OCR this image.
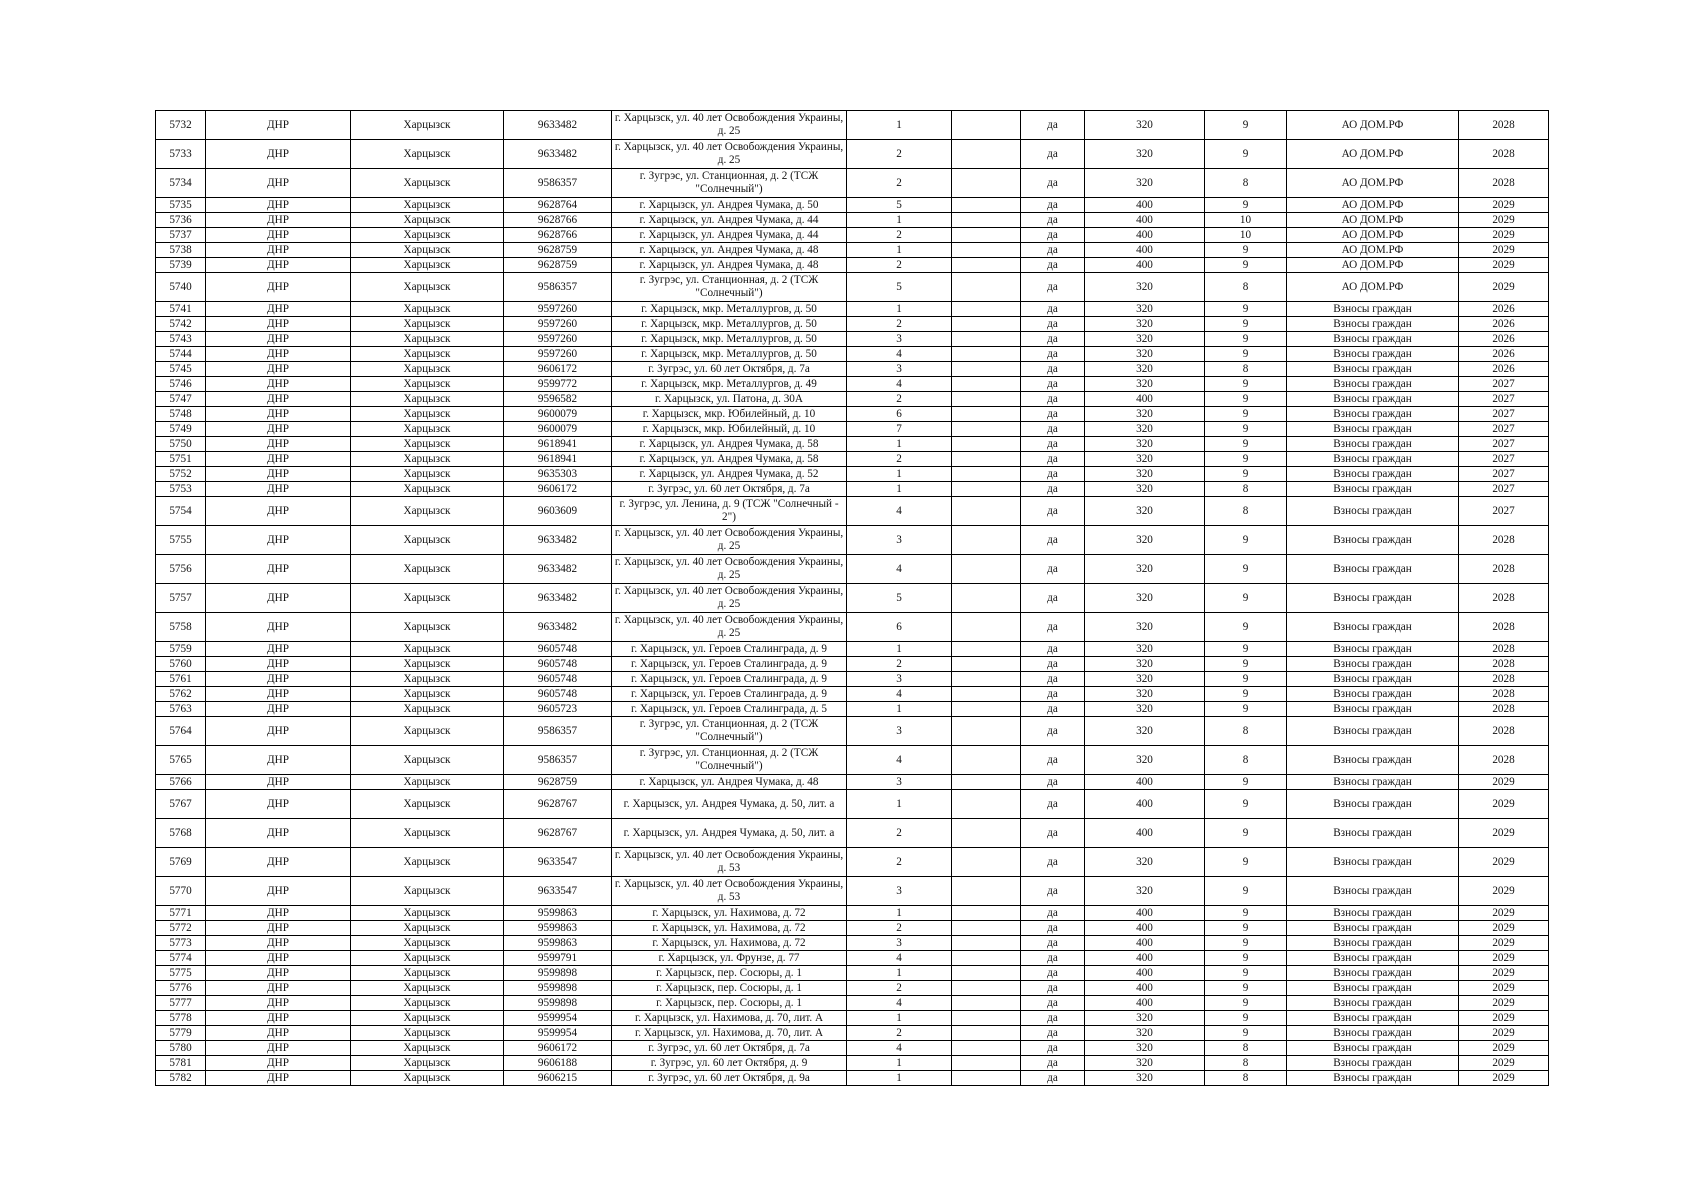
5732	ДНР	Харцызск	9633482	г. Харцызск, ул. 40 лет Освобождения Украины, д. 25	1		да	320	9	АО ДОМ.РФ	2028
5733	ДНР	Харцызск	9633482	г. Харцызск, ул. 40 лет Освобождения Украины, д. 25	2		да	320	9	АО ДОМ.РФ	2028
5734	ДНР	Харцызск	9586357	г. Зугрэс, ул. Станционная, д. 2 (ТСЖ "Солнечный")	2		да	320	8	АО ДОМ.РФ	2028
5735	ДНР	Харцызск	9628764	г. Харцызск, ул. Андрея Чумака, д. 50	5		да	400	9	АО ДОМ.РФ	2029
5736	ДНР	Харцызск	9628766	г. Харцызск, ул. Андрея Чумака, д. 44	1		да	400	10	АО ДОМ.РФ	2029
5737	ДНР	Харцызск	9628766	г. Харцызск, ул. Андрея Чумака, д. 44	2		да	400	10	АО ДОМ.РФ	2029
5738	ДНР	Харцызск	9628759	г. Харцызск, ул. Андрея Чумака, д. 48	1		да	400	9	АО ДОМ.РФ	2029
5739	ДНР	Харцызск	9628759	г. Харцызск, ул. Андрея Чумака, д. 48	2		да	400	9	АО ДОМ.РФ	2029
5740	ДНР	Харцызск	9586357	г. Зугрэс, ул. Станционная, д. 2 (ТСЖ "Солнечный")	5		да	320	8	АО ДОМ.РФ	2029
5741	ДНР	Харцызск	9597260	г. Харцызск, мкр. Металлургов, д. 50	1		да	320	9	Взносы граждан	2026
5742	ДНР	Харцызск	9597260	г. Харцызск, мкр. Металлургов, д. 50	2		да	320	9	Взносы граждан	2026
5743	ДНР	Харцызск	9597260	г. Харцызск, мкр. Металлургов, д. 50	3		да	320	9	Взносы граждан	2026
5744	ДНР	Харцызск	9597260	г. Харцызск, мкр. Металлургов, д. 50	4		да	320	9	Взносы граждан	2026
5745	ДНР	Харцызск	9606172	г. Зугрэс, ул. 60 лет Октября, д. 7а	3		да	320	8	Взносы граждан	2026
5746	ДНР	Харцызск	9599772	г. Харцызск, мкр. Металлургов, д. 49	4		да	320	9	Взносы граждан	2027
5747	ДНР	Харцызск	9596582	г. Харцызск, ул. Патона, д. 30А	2		да	400	9	Взносы граждан	2027
5748	ДНР	Харцызск	9600079	г. Харцызск, мкр. Юбилейный, д. 10	6		да	320	9	Взносы граждан	2027
5749	ДНР	Харцызск	9600079	г. Харцызск, мкр. Юбилейный, д. 10	7		да	320	9	Взносы граждан	2027
5750	ДНР	Харцызск	9618941	г. Харцызск, ул. Андрея Чумака, д. 58	1		да	320	9	Взносы граждан	2027
5751	ДНР	Харцызск	9618941	г. Харцызск, ул. Андрея Чумака, д. 58	2		да	320	9	Взносы граждан	2027
5752	ДНР	Харцызск	9635303	г. Харцызск, ул. Андрея Чумака, д. 52	1		да	320	9	Взносы граждан	2027
5753	ДНР	Харцызск	9606172	г. Зугрэс, ул. 60 лет Октября, д. 7а	1		да	320	8	Взносы граждан	2027
5754	ДНР	Харцызск	9603609	г. Зугрэс, ул. Ленина, д. 9 (ТСЖ "Солнечный - 2")	4		да	320	8	Взносы граждан	2027
5755	ДНР	Харцызск	9633482	г. Харцызск, ул. 40 лет Освобождения Украины, д. 25	3		да	320	9	Взносы граждан	2028
5756	ДНР	Харцызск	9633482	г. Харцызск, ул. 40 лет Освобождения Украины, д. 25	4		да	320	9	Взносы граждан	2028
5757	ДНР	Харцызск	9633482	г. Харцызск, ул. 40 лет Освобождения Украины, д. 25	5		да	320	9	Взносы граждан	2028
5758	ДНР	Харцызск	9633482	г. Харцызск, ул. 40 лет Освобождения Украины, д. 25	6		да	320	9	Взносы граждан	2028
5759	ДНР	Харцызск	9605748	г. Харцызск, ул. Героев Сталинграда, д. 9	1		да	320	9	Взносы граждан	2028
5760	ДНР	Харцызск	9605748	г. Харцызск, ул. Героев Сталинграда, д. 9	2		да	320	9	Взносы граждан	2028
5761	ДНР	Харцызск	9605748	г. Харцызск, ул. Героев Сталинграда, д. 9	3		да	320	9	Взносы граждан	2028
5762	ДНР	Харцызск	9605748	г. Харцызск, ул. Героев Сталинграда, д. 9	4		да	320	9	Взносы граждан	2028
5763	ДНР	Харцызск	9605723	г. Харцызск, ул. Героев Сталинграда, д. 5	1		да	320	9	Взносы граждан	2028
5764	ДНР	Харцызск	9586357	г. Зугрэс, ул. Станционная, д. 2 (ТСЖ "Солнечный")	3		да	320	8	Взносы граждан	2028
5765	ДНР	Харцызск	9586357	г. Зугрэс, ул. Станционная, д. 2 (ТСЖ "Солнечный")	4		да	320	8	Взносы граждан	2028
5766	ДНР	Харцызск	9628759	г. Харцызск, ул. Андрея Чумака, д. 48	3		да	400	9	Взносы граждан	2029
5767	ДНР	Харцызск	9628767	г. Харцызск, ул. Андрея Чумака, д. 50, лит. а	1		да	400	9	Взносы граждан	2029
5768	ДНР	Харцызск	9628767	г. Харцызск, ул. Андрея Чумака, д. 50, лит. а	2		да	400	9	Взносы граждан	2029
5769	ДНР	Харцызск	9633547	г. Харцызск, ул. 40 лет Освобождения Украины, д. 53	2		да	320	9	Взносы граждан	2029
5770	ДНР	Харцызск	9633547	г. Харцызск, ул. 40 лет Освобождения Украины, д. 53	3		да	320	9	Взносы граждан	2029
5771	ДНР	Харцызск	9599863	г. Харцызск, ул. Нахимова, д. 72	1		да	400	9	Взносы граждан	2029
5772	ДНР	Харцызск	9599863	г. Харцызск, ул. Нахимова, д. 72	2		да	400	9	Взносы граждан	2029
5773	ДНР	Харцызск	9599863	г. Харцызск, ул. Нахимова, д. 72	3		да	400	9	Взносы граждан	2029
5774	ДНР	Харцызск	9599791	г. Харцызск, ул. Фрунзе, д. 77	4		да	400	9	Взносы граждан	2029
5775	ДНР	Харцызск	9599898	г. Харцызск, пер. Сосюры, д. 1	1		да	400	9	Взносы граждан	2029
5776	ДНР	Харцызск	9599898	г. Харцызск, пер. Сосюры, д. 1	2		да	400	9	Взносы граждан	2029
5777	ДНР	Харцызск	9599898	г. Харцызск, пер. Сосюры, д. 1	4		да	400	9	Взносы граждан	2029
5778	ДНР	Харцызск	9599954	г. Харцызск, ул. Нахимова, д. 70, лит. А	1		да	320	9	Взносы граждан	2029
5779	ДНР	Харцызск	9599954	г. Харцызск, ул. Нахимова, д. 70, лит. А	2		да	320	9	Взносы граждан	2029
5780	ДНР	Харцызск	9606172	г. Зугрэс, ул. 60 лет Октября, д. 7а	4		да	320	8	Взносы граждан	2029
5781	ДНР	Харцызск	9606188	г. Зугрэс, ул. 60 лет Октября, д. 9	1		да	320	8	Взносы граждан	2029
5782	ДНР	Харцызск	9606215	г. Зугрэс, ул. 60 лет Октября, д. 9а	1		да	320	8	Взносы граждан	2029
